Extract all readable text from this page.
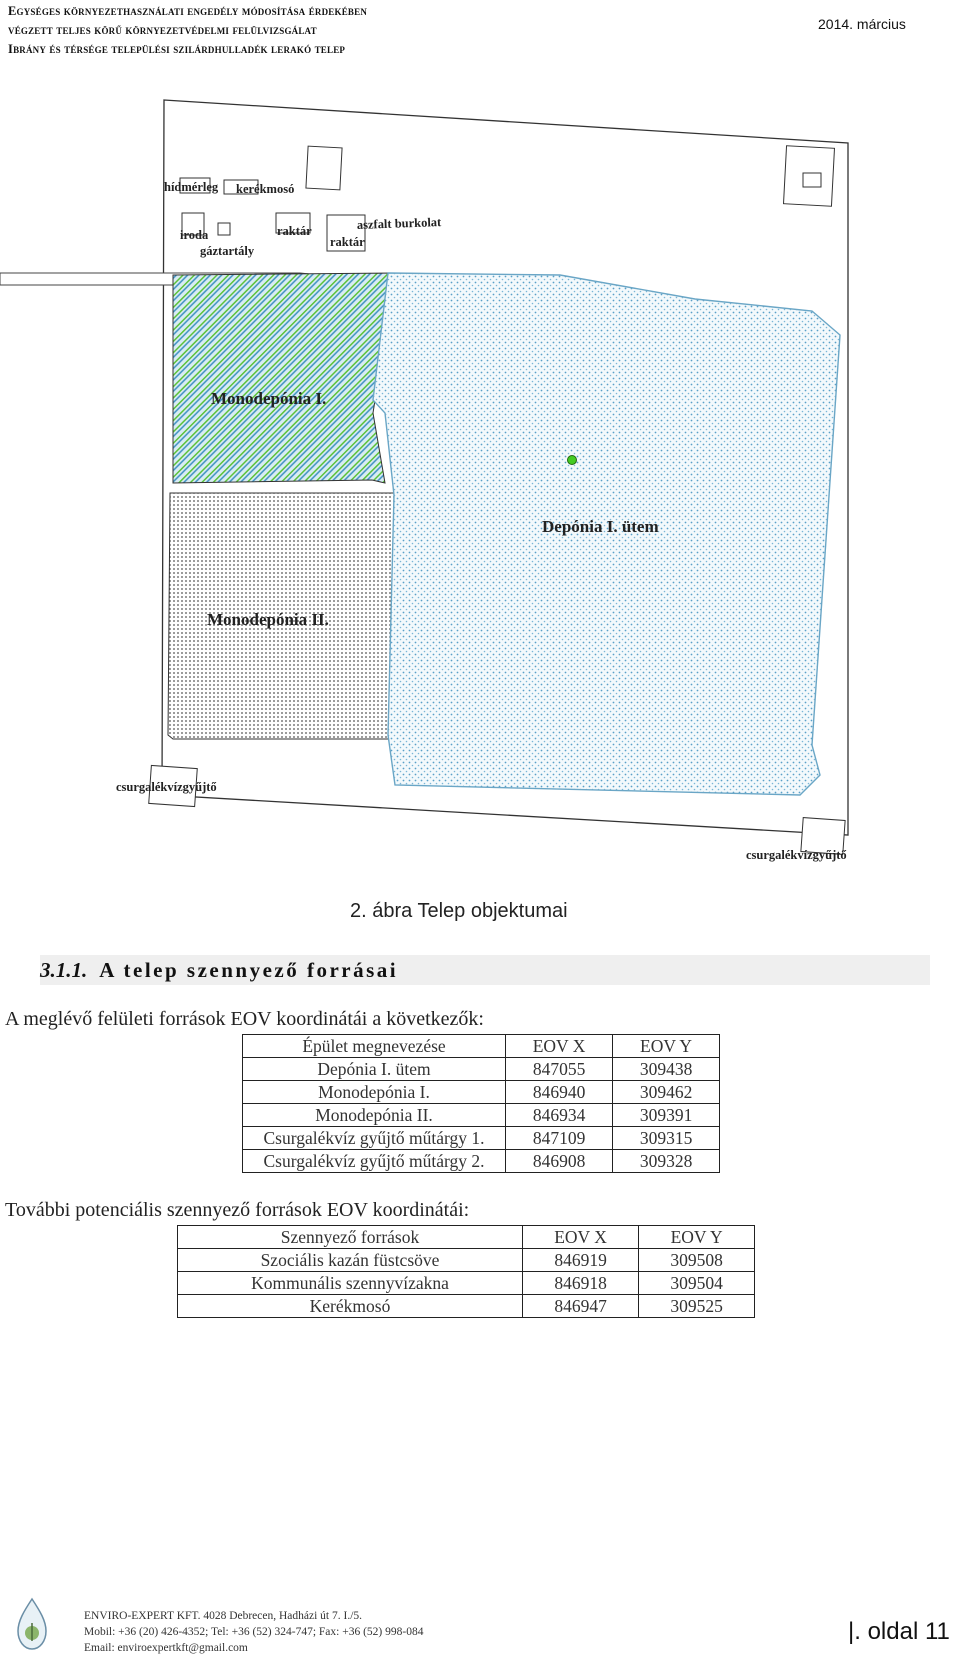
Egységes környezethasználati engedély módosítása érdekében
végzett teljes körű környezetvédelmi felülvizsgálat
Ibrány és térsége települési szilárdhulladék lerakó telep
2014. március
hídmérleg kerékmosó
aszfalt burkolat
iroda	raktár
raktár
gáztartály
Monodepónia I.
Monodepónia II.
Depónia I. ütem
csurgalékvízgyűjtő
csurgalékvízgyűjtő
2. ábra Telep objektumai
3.1.1. A telep szennyező forrásai
A meglévő felületi források EOV koordinátái a következők:
Épület megnevezése	EOV X	EOV Y
Depónia I. ütem	847055	309438
Monodepónia I.	846940	309462
Monodepónia II.	846934	309391
Csurgalékvíz gyűjtő műtárgy 1.	847109	309315
Csurgalékvíz gyűjtő műtárgy 2.	846908	309328
További potenciális szennyező források EOV koordinátái:
Szennyező források	EOV X	EOV Y
Szociális kazán füstcsöve	846919	309508
Kommunális szennyvízakna	846918	309504
Kerékmosó	846947	309525
ENVIRO-EXPERT KFT. 4028 Debrecen, Hadházi út 7. I./5.
Mobil: +36 (20) 426-4352; Tel: +36 (52) 324-747; Fax: +36 (52) 998-084
Email: enviroexpertkft@gmail.com
|. oldal 11
